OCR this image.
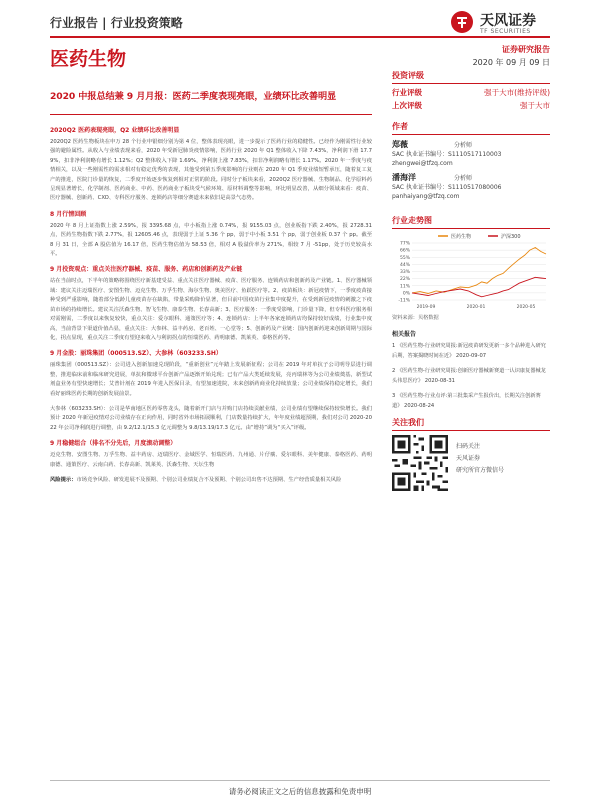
行业报告 | 行业投资策略	天风证券
TF SECURITIES
医药生物	证券研究报告
2020 年 09 月 09 日
2020 中报总结兼 9 月月报：医药二季度表现亮眼，业绩环比改善明显
2020Q2 医药表现亮眼，Q2 业绩环比改善明显

2020Q2 医药生物板块在申万 28 个行业申银细分别为第 4 位，整体表现亮眼，进一步提示了医药行业的稳健性。已经作为刚需性行业较强的避险属性。从收入与业绩表现来看，2020 年受新冠肺炎疫情影响，医药行业 2020 年 Q1 整体收入下降 7.43%，净利润下滑 17.79%，扣非净利润略有增长 1.12%；Q2 整体收入下降 1.69%，净利润上涨 7.83%，扣非净利润略有增长 1.17%。2020 年一季度与疫情相关，以及一些刚需性的需求相对有稳定优秀的表现，其他受到第五季度影响的行业则在 2020 年 Q1 季度业绩短暂承压，随着复工复产的推进，医院门诊量的恢复，二季度开始逐步恢复到相对正常的阶段。同时分子板块来看，2020Q2 医疗器械、生物制品、化学原料药呈现显著增长，化学制剂、医药商业、中药、医药商业子板块受气候环境、原材料调整等影响，环比明显改善，从细分领域来看：疫苗、医疗器械、创新药、CXO、专科医疗服务、连锁药店等细分赛道未来依旧是高景气态势。

8 月行情回顾

2020 年 8 月上证指数上涨 2.59%，报 3395.68 点，中小板指上涨 0.74%，报 9155.03 点，创业板指下跌 2.40%，报 2728.31 点，医药生物指数下跌 2.77%，报 12605.46 点，表现弱于上证 5.36 个 pp，弱于中小板 3.51 个 pp，弱于创业板 0.37 个 pp。截至 8 月 31 日，全部 A 股估值为 16.17 倍，医药生物估值为 58.53 倍，相对 A 股溢价率为 271%，相较 7 月 -51pp，处于历史较高水平。

9 月投资观点：重点关注医疗器械、疫苗、服务、药店和创新药及产业链

站在当前时点，下半年的策略将围绕医疗新基建受益、重点关注医疗器械、疫苗、医疗服务、连锁药店和创新药及产业链。1、医疗器械领域：建议关注迈瑞医疗、安图生物、迈克生物、万孚生物、海尔生物、奥美医疗、鱼跃医疗等。2、疫苗板块：新冠疫情下，一季度疫苗接种受到严重影响，随着部分低龄儿童疫苗存在缺陷，带量采购降价显著，但目前中国疫苗行业集中度提升，在受到新冠疫情的刺激之下疫苗市场的持续增长。建议关注沃森生物、智飞生物、康泰生物、长春高新；3、医疗服务：一季度受影响，门诊量下降，但专科医疗服务相对需刚需，二季度以来恢复较快，重点关注：爱尔眼科、通策医疗等；4、连锁药店：上半年各家连锁药店均保持较好成绩，行业集中度高，当前背景下渠道价值凸显，重点关注：大参林、益丰药房、老百姓、一心堂等；5、创新药及产业链：国内创新药迎来创新周期与国际化，拐点显现，重点关注二季度有望迎来收入与利润拐点的恒瑞医药、药明康德、凯莱英、泰格医药等。

9 月金股：丽珠集团（000513.SZ）、大参林（603233.SH）

丽珠集团（000513.SZ）：公司进入创新加速兑现阶段，“重新创业”元年踏上发展新征程；公司在 2019 年对单抗子公司明导层进行调整，推进临床前和临床研究进展，单抗和微球平台创新产品逐渐开始兑现；已有产品大类延续发展，亮丙瑞林等为公司业绩奠基，新型试剂盒业务有望快速增长；艾普针剂在 2019 年进入医保目录，有望加速进院，未来创新药商业化持续放量；公司业绩保持稳定增长，我们看好丽珠医药长期的创新发展前景。

大参林（603233.SH）：公司是华南地区医药零售龙头，随着新开门店与并购门店持续贡献业绩，公司业绩有望继续保持较快增长。我们预计 2020 年新冠疫情对公司业绩存在正向作用，同时省外市场拓展顺利，门店数量持续扩大，年年度业绩超预期，我们对公司 2020-2022 年公司净利润进行调整，由 9.2/12.1/15.3 亿元调整为 9.8/13.19/17.3 亿元。由“增持”调为“买入”评级。

9 月稳健组合（排名不分先后，月度滚动调整）

迈克生物、安图生物、万孚生物、益丰药房、迈瑞医疗、金域医学、恒瑞医药、九州通、片仔癀、爱尔眼科、美年健康、泰格医药、药明康德、通策医疗、云南白药、长春高新、凯莱英、沃森生物、天坛生物

风险提示：市场竞争风险、研发进展不及预期、个别公司业绩复合不及预期、个别公司出售不达预期、生产经营质量相关风险

投资评级
行业评级	强于大市(维持评级)
上次评级	强于大市
作者
郑薇	分析师
SAC 执业证书编号：S1110517110003
zhengwei@tfzq.com
潘海洋	分析师
SAC 执业证书编号：S1110517080006
panhaiyang@tfzq.com
行业走势图
医药生物	沪深300
77%
66%
55%
44%
33%
22%
11%
0%
-11%
2019-09	2020-01	2020-05
资料来源：贝格数据
相关报告
1 《医药生物-行业研究周报:新冠疫苗研发更新一多个品种进入研究后期，答案揭晓时间在近》 2020-09-07
2 《医药生物-行业研究周报:创新医疗器械新赛道一认识康复器械龙头伟思医疗》 2020-08-31
3 《医药生物-行业点评:第三批集采产生报价出，长期关注创新赛道》 2020-08-24
关注我们
扫码关注
天风证券
研究所官方微信号
请务必阅读正文之后的信息披露和免责申明
